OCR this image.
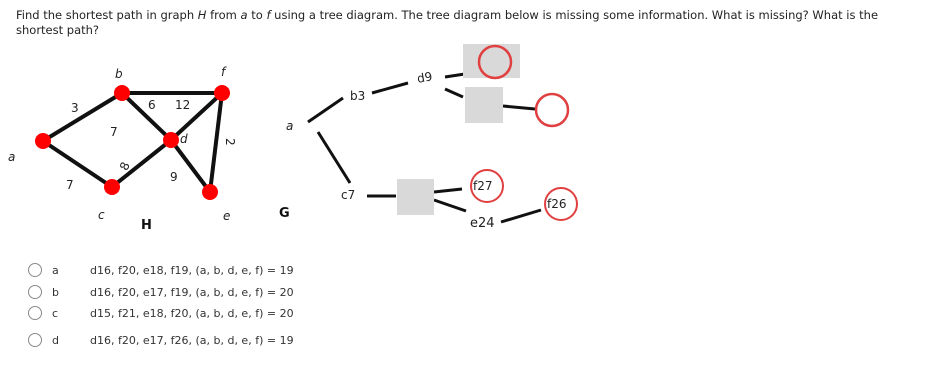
Find the shortest path in graph H from a to f using a tree diagram. The tree diagram below is missing some information. What is missing? What is the shortest path?
a
b
c
d
e
f
3
7
6
7
8
12
9
2
H
a
b3
c7
d9
e24
f27
f26
G
a	d16, f20, e18, f19, (a, b, d, e, f) = 19
b	d16, f20, e17, f19, (a, b, d, e, f) = 20
c	d15, f21, e18, f20, (a, b, d, e, f) = 20
d	d16, f20, e17, f26, (a, b, d, e, f) = 19
